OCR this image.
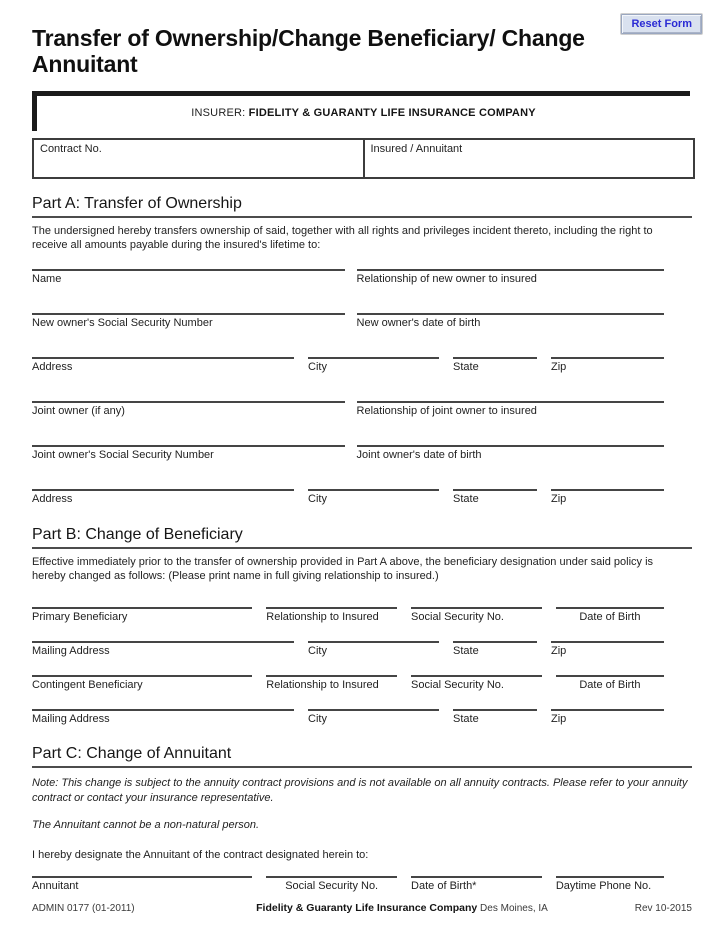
Reset Form
Transfer of Ownership/Change Beneficiary/ Change Annuitant
INSURER: FIDELITY & GUARANTY LIFE INSURANCE COMPANY
Contract No.	Insured / Annuitant
Part A: Transfer of Ownership
The undersigned hereby transfers ownership of said, together with all rights and privileges incident thereto, including the right to receive all amounts payable during the insured's lifetime to:
Name	Relationship of new owner to insured
New owner's Social Security Number	New owner's date of birth
Address	City	State	Zip
Joint owner (if any)	Relationship of joint owner to insured
Joint owner's Social Security Number	Joint owner's date of birth
Address	City	State	Zip
Part B: Change of Beneficiary
Effective immediately prior to the transfer of ownership provided in Part A above, the beneficiary designation under said policy is hereby changed as follows: (Please print name in full giving relationship to insured.)
Primary Beneficiary	Relationship to Insured	Social Security No.	Date of Birth
Mailing Address	City	State	Zip
Contingent Beneficiary	Relationship to Insured	Social Security No.	Date of Birth
Mailing Address	City	State	Zip
Part C: Change of Annuitant
Note: This change is subject to the annuity contract provisions and is not available on all annuity contracts. Please refer to your annuity contract or contact your insurance representative.
The Annuitant cannot be a non-natural person.
I hereby designate the Annuitant of the contract designated herein to:
Annuitant	Social Security No.	Date of Birth*	Daytime Phone No.
ADMIN 0177 (01-2011)	Fidelity & Guaranty Life Insurance Company Des Moines, IA	Rev 10-2015
